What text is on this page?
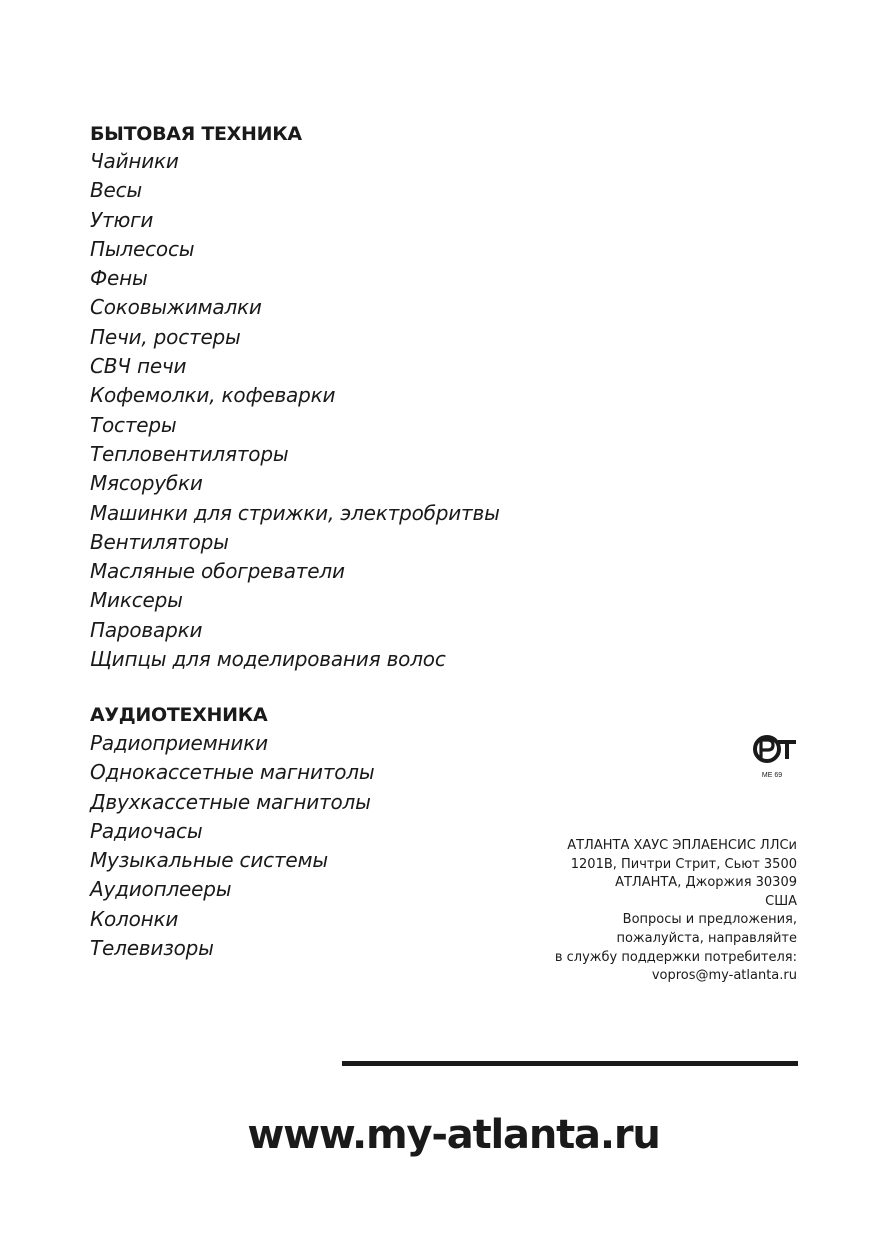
БЫТОВАЯ ТЕХНИКА
Чайники
Весы
Утюги
Пылесосы
Фены
Соковыжималки
Печи, ростеры
СВЧ печи
Кофемолки, кофеварки
Тостеры
Тепловентиляторы
Мясорубки
Машинки для стрижки, электробритвы
Вентиляторы
Масляные обогреватели
Миксеры
Пароварки
Щипцы для моделирования волос
АУДИОТЕХНИКА
Радиоприемники
Однокассетные магнитолы
Двухкассетные магнитолы
Радиочасы
Музыкальные системы
Аудиоплееры
Колонки
Телевизоры
МЕ 69
АТЛАНТА ХАУС ЭПЛАЕНСИС ЛЛСи
1201В, Пичтри Стрит, Сьют 3500
АТЛАНТА, Джоржия 30309
США
Вопросы и предложения,
пожалуйста, направляйте
в службу поддержки потребителя:
vopros@my-atlanta.ru
www.my-atlanta.ru
